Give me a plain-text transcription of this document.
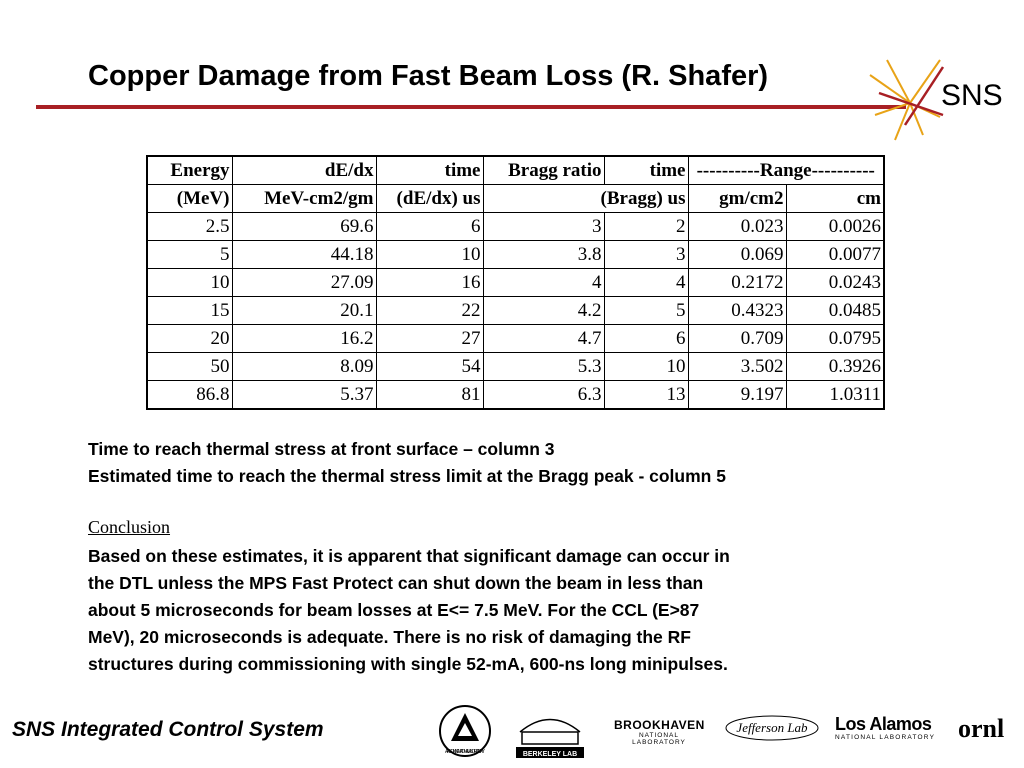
Copper Damage from Fast Beam Loss (R. Shafer)
SNS
Energy	dE/dx	time	Bragg ratio	time	----------Range----------	
(MeV)	MeV-cm2/gm	(dE/dx) us	(Bragg) us		gm/cm2	cm
2.5	69.6	6	3	2	0.023	0.0026
5	44.18	10	3.8	3	0.069	0.0077
10	27.09	16	4	4	0.2172	0.0243
15	20.1	22	4.2	5	0.4323	0.0485
20	16.2	27	4.7	6	0.709	0.0795
50	8.09	54	5.3	10	3.502	0.3926
86.8	5.37	81	6.3	13	9.197	1.0311
Time to reach thermal stress at front surface – column 3
Estimated time to reach the thermal stress limit at the Bragg peak - column 5
Conclusion
Based on these estimates, it is apparent that significant damage can occur in
the DTL unless the MPS Fast Protect can shut down the beam in less than
about 5 microseconds for beam losses at E<= 7.5 MeV. For the CCL (E>87
MeV), 20 microseconds is adequate. There is no risk of damaging the RF
structures during commissioning with single 52-mA, 600-ns long minipulses.
SNS Integrated Control System
ARGONNE NATIONAL LABORATORY	BERKELEY LAB
BROOKHAVEN
NATIONAL LABORATORY
Jefferson Lab Los Alamos
NATIONAL LABORATORY ornl
